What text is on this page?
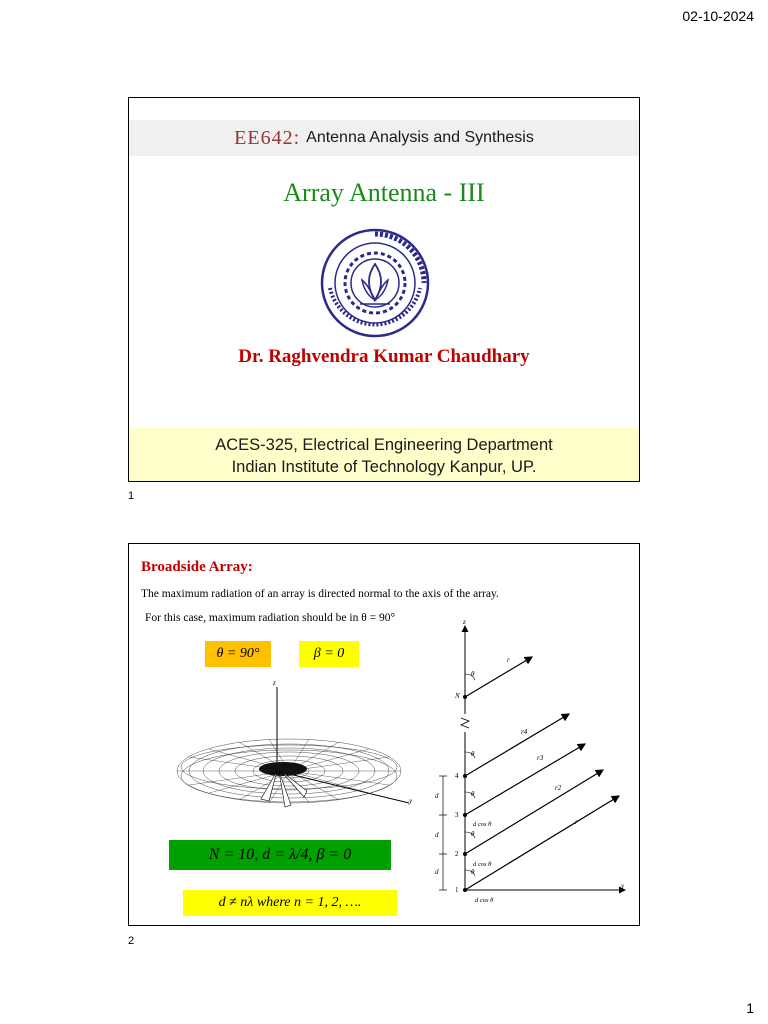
02-10-2024
EE642: Antenna Analysis and Synthesis
Array Antenna - III
Dr. Raghvendra Kumar Chaudhary
ACES-325, Electrical Engineering Department
Indian Institute of Technology Kanpur, UP.
1
Broadside Array:
The maximum radiation of an array is directed normal to the axis of the array.
For this case, maximum radiation should be in θ = 90°
θ = 90°	β = 0
z
y
N = 10, d = λ/4, β = 0
d ≠ nλ where n = 1, 2, ….
z
y
N
r
θ
4
r4
θ
3
r3
θ
d cos θ
2
r2
θ
d cos θ
1
r
θ
d cos θ
d
d
d
2
1
